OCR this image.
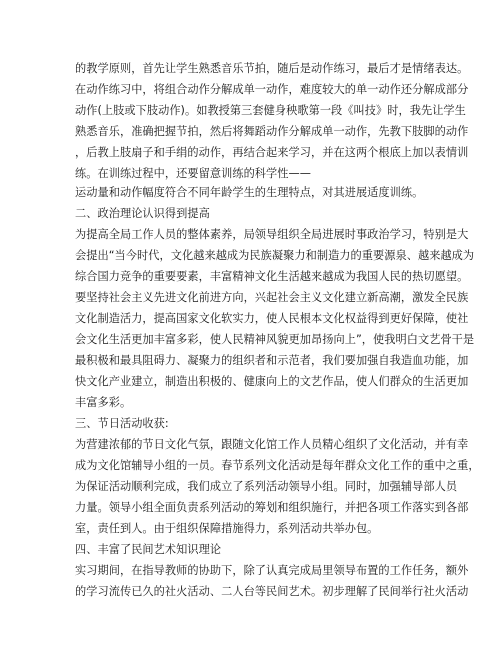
的教学原则，首先让学生熟悉音乐节拍，随后是动作练习，最后才是情绪表达。
在动作练习中，将组合动作分解成单一动作，难度较大的单一动作还分解成部分
动作(上肢或下肢动作)。如教授第三套健身秧歌第一段《叫技》时，我先让学生
熟悉音乐，准确把握节拍，然后将舞蹈动作分解成单一动作，先教下肢脚的动作
，后教上肢扇子和手绢的动作，再结合起来学习，并在这两个根底上加以表情训
练。在训练过程中，还要留意训练的科学性——
运动量和动作幅度符合不同年龄学生的生理特点，对其进展适度训练。
二、政治理论认识得到提高
为提高全局工作人员的整体素养，局领导组织全局进展时事政治学习，特别是大
会提出“当今时代，文化越来越成为民族凝聚力和制造力的重要源泉、越来越成为
综合国力竞争的重要要素，丰富精神文化生活越来越成为我国人民的热切愿望。
要坚持社会主义先进文化前进方向，兴起社会主义文化建立新高潮，激发全民族
文化制造活力，提高国家文化软实力，使人民根本文化权益得到更好保障，使社
会文化生活更加丰富多彩，使人民精神风貌更加昂扬向上”，使我明白文艺骨干是
最积极和最具阻碍力、凝聚力的组织者和示范者，我们要加强自我造血功能，加
快文化产业建立，制造出积极的、健康向上的文艺作品，使人们群众的生活更加
丰富多彩。
三、节日活动收获:
为营建浓郁的节日文化气氛，跟随文化馆工作人员精心组织了文化活动，并有幸
成为文化馆辅导小组的一员。春节系列文化活动是每年群众文化工作的重中之重，
为保证活动顺利完成，我们成立了系列活动领导小组。同时，加强辅导部人员
力量。领导小组全面负责系列活动的筹划和组织施行，并把各项工作落实到各部
室，责任到人。由于组织保障措施得力，系列活动共举办包。
四、丰富了民间艺术知识理论
实习期间，在指导教师的协助下，除了认真完成局里领导布置的工作任务，额外
的学习流传已久的社火活动、二人台等民间艺术。初步理解了民间举行社火活动
